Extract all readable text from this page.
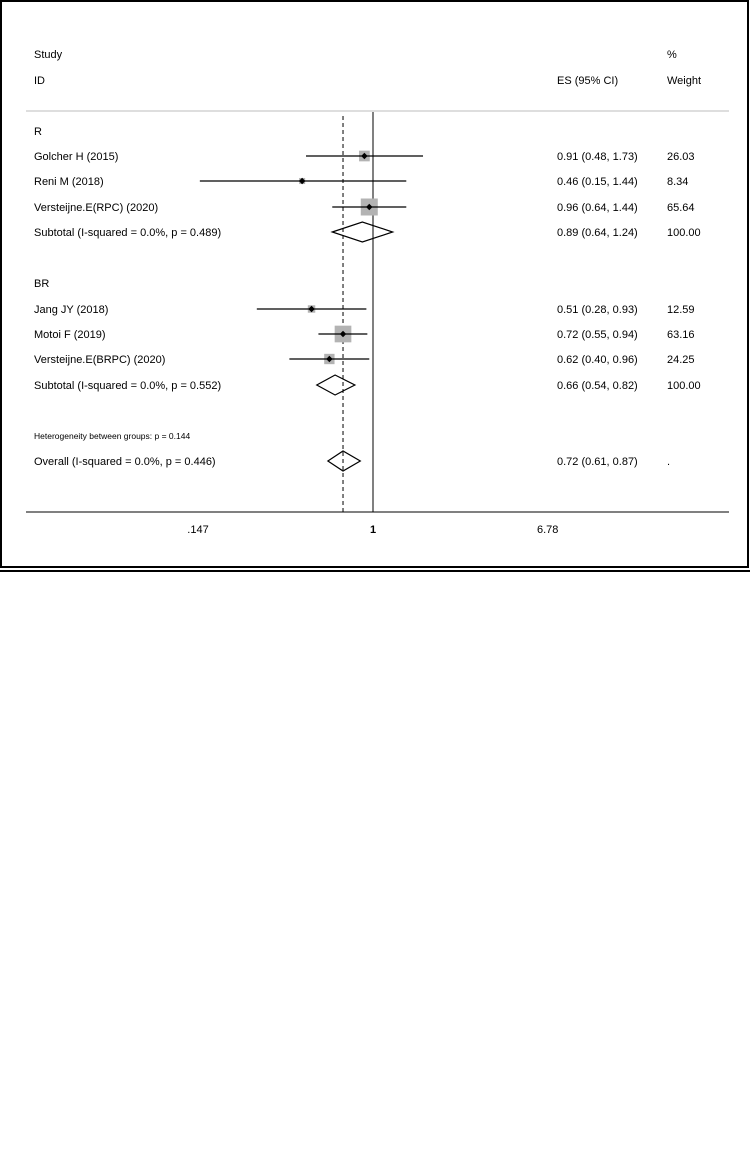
Study
ID	ES (95% CI)
%
Weight
R
Golcher H (2015)	0.91 (0.48, 1.73)	26.03
Reni M (2018)	0.46 (0.15, 1.44)	8.34
Versteijne.E(RPC) (2020)	0.96 (0.64, 1.44)	65.64
Subtotal (I-squared = 0.0%, p = 0.489)	0.89 (0.64, 1.24)	100.00
BR
Jang JY (2018)	0.51 (0.28, 0.93)	12.59
Motoi F (2019)	0.72 (0.55, 0.94)	63.16
Versteijne.E(BRPC) (2020)	0.62 (0.40, 0.96)	24.25
Subtotal (I-squared = 0.0%, p = 0.552)	0.66 (0.54, 0.82)	100.00
Heterogeneity between groups: p = 0.144
Overall (I-squared = 0.0%, p = 0.446)	0.72 (0.61, 0.87)	.
.147	1	6.78
